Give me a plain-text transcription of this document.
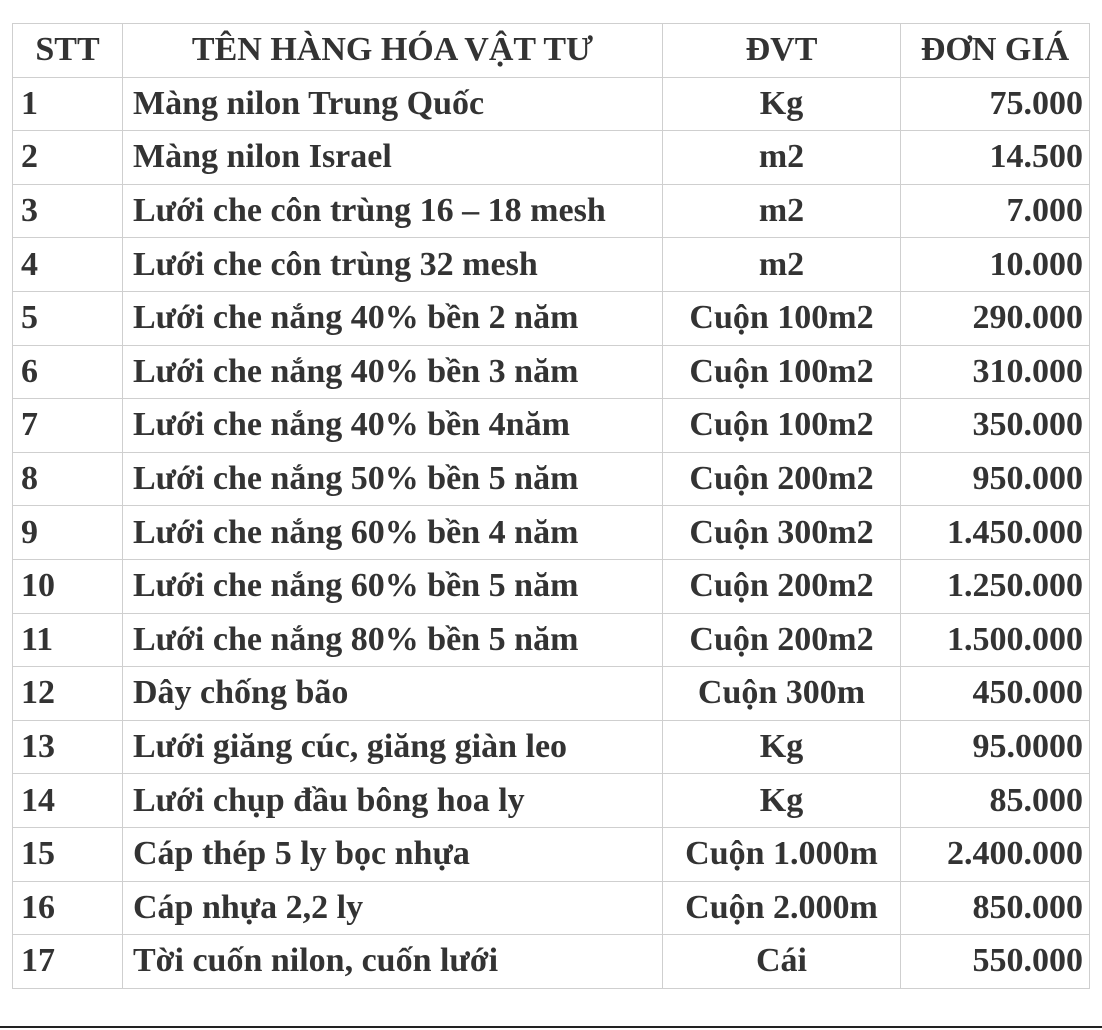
STT	TÊN HÀNG HÓA VẬT TƯ	ĐVT	ĐƠN GIÁ
1	Màng nilon Trung Quốc	Kg	75.000
2	Màng nilon Israel	m2	14.500
3	Lưới che côn trùng 16 – 18 mesh	m2	7.000
4	Lưới che côn trùng 32 mesh	m2	10.000
5	Lưới che nắng 40% bền 2 năm	Cuộn 100m2	290.000
6	Lưới che nắng 40% bền 3 năm	Cuộn 100m2	310.000
7	Lưới che nắng 40% bền 4năm	Cuộn 100m2	350.000
8	Lưới che nắng 50% bền 5 năm	Cuộn 200m2	950.000
9	Lưới che nắng 60% bền 4 năm	Cuộn 300m2	1.450.000
10	Lưới che nắng 60% bền 5 năm	Cuộn 200m2	1.250.000
11	Lưới che nắng 80% bền 5 năm	Cuộn 200m2	1.500.000
12	Dây chống bão	Cuộn 300m	450.000
13	Lưới giăng cúc, giăng giàn leo	Kg	95.0000
14	Lưới chụp đầu bông hoa ly	Kg	85.000
15	Cáp thép 5 ly bọc nhựa	Cuộn 1.000m	2.400.000
16	Cáp nhựa 2,2 ly	Cuộn 2.000m	850.000
17	Tời cuốn nilon, cuốn lưới	Cái	550.000
